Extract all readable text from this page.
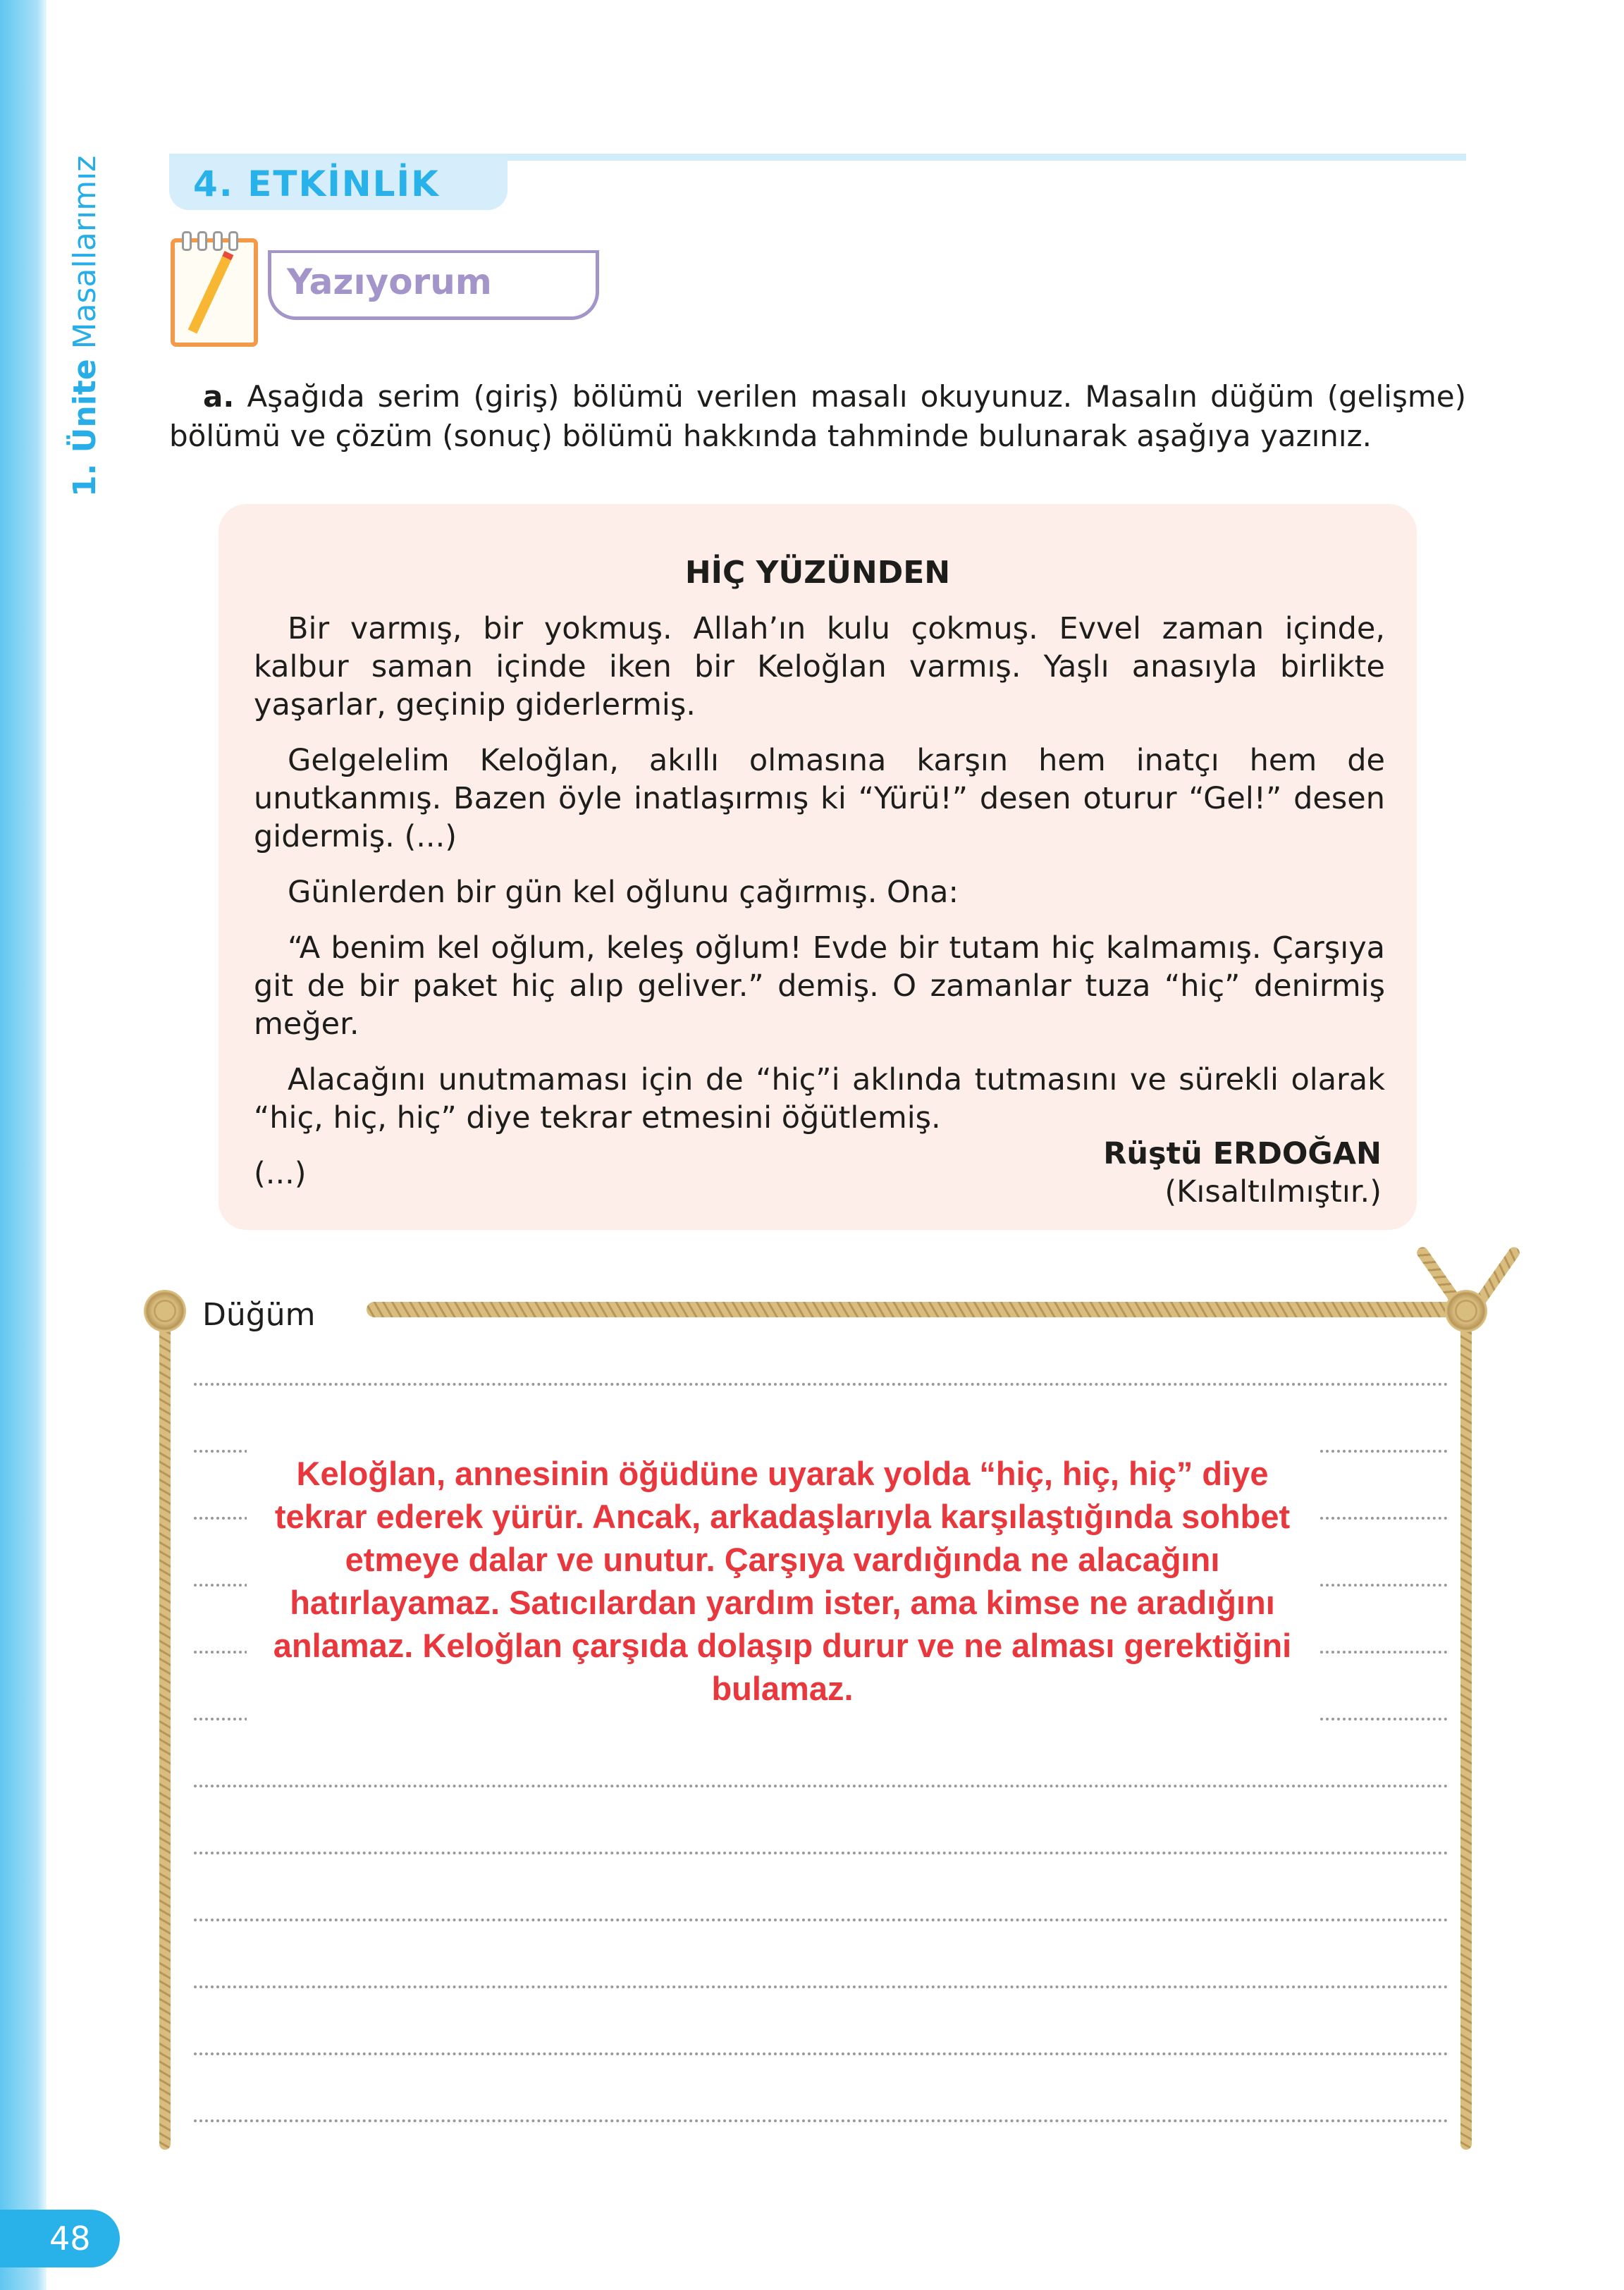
1. Ünite Masallarımız	4. ETKİNLİK
Yazıyorum
a. Aşağıda serim (giriş) bölümü verilen masalı okuyunuz. Masalın düğüm (gelişme) bölümü ve çözüm (sonuç) bölümü hakkında tahminde bulunarak aşağıya yazınız.
HİÇ YÜZÜNDEN

Bir varmış, bir yokmuş. Allah’ın kulu çokmuş. Evvel zaman içinde, kalbur saman içinde iken bir Keloğlan varmış. Yaşlı anasıyla birlikte yaşarlar, geçinip giderlermiş.

Gelgelelim Keloğlan, akıllı olmasına karşın hem inatçı hem de unutkanmış. Bazen öyle inatlaşırmış ki “Yürü!” desen oturur “Gel!” desen gidermiş. (...)

Günlerden bir gün kel oğlunu çağırmış. Ona:

“A benim kel oğlum, keleş oğlum! Evde bir tutam hiç kalmamış. Çarşıya git de bir paket hiç alıp geliver.” demiş. O zamanlar tuza “hiç” denirmiş meğer.

Alacağını unutmaması için de “hiç”i aklında tutmasını ve sürekli olarak “hiç, hiç, hiç” diye tekrar etmesini öğütlemiş.

(...)

Rüştü ERDOĞAN
(Kısaltılmıştır.)
Düğüm
Keloğlan, annesinin öğüdüne uyarak yolda “hiç, hiç, hiç” diye tekrar ederek yürür. Ancak, arkadaşlarıyla karşılaştığında sohbet etmeye dalar ve unutur. Çarşıya vardığında ne alacağını hatırlayamaz. Satıcılardan yardım ister, ama kimse ne aradığını anlamaz. Keloğlan çarşıda dolaşıp durur ve ne alması gerektiğini bulamaz.
48
